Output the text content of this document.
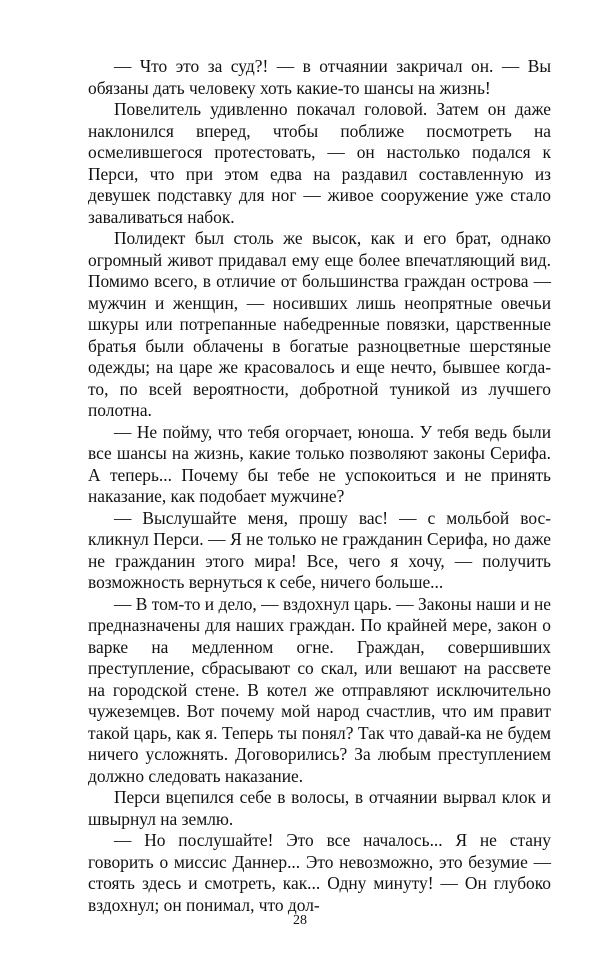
— Что это за суд?! — в отчаянии закричал он. — Вы обязаны дать человеку хоть какие-то шансы на жизнь!

Повелитель удивленно покачал головой. Затем он даже наклонился вперед, чтобы поближе посмотреть на осмелившегося протестовать, — он настолько подался к Перси, что при этом едва на раздавил составленную из девушек подставку для ног — живое сооружение уже стало заваливаться набок.

Полидект был столь же высок, как и его брат, однако огромный живот придавал ему еще более впечатляющий вид. Помимо всего, в отличие от большинства граждан острова — мужчин и женщин, — носивших лишь неопрятные овечьи шкуры или потрепанные набедренные повязки, царственные братья были облачены в богатые разноцветные шерстяные одежды; на царе же красовалось и еще нечто, бывшее когда-то, по всей вероятности, добротной туникой из лучшего полотна.

— Не пойму, что тебя огорчает, юноша. У тебя ведь были все шансы на жизнь, какие только позволяют законы Серифа. А теперь... Почему бы тебе не успокоиться и не принять наказание, как подобает мужчине?

— Выслушайте меня, прошу вас! — с мольбой воскликнул Перси. — Я не только не гражданин Серифа, но даже не гражданин этого мира! Все, чего я хочу, — получить возможность вернуться к себе, ничего больше...

— В том-то и дело, — вздохнул царь. — Законы наши и не предназначены для наших граждан. По крайней мере, закон о варке на медленном огне. Граждан, совершивших преступление, сбрасывают со скал, или вешают на рассвете на городской стене. В котел же отправляют исключительно чужеземцев. Вот почему мой народ счастлив, что им правит такой царь, как я. Теперь ты понял? Так что давай-ка не будем ничего усложнять. Договорились? За любым преступлением должно следовать наказание.

Перси вцепился себе в волосы, в отчаянии вырвал клок и швырнул на землю.

— Но послушайте! Это все началось... Я не стану говорить о миссис Даннер... Это невозможно, это безумие — стоять здесь и смотреть, как... Одну минуту! — Он глубоко вздохнул; он понимал, что дол-

28
